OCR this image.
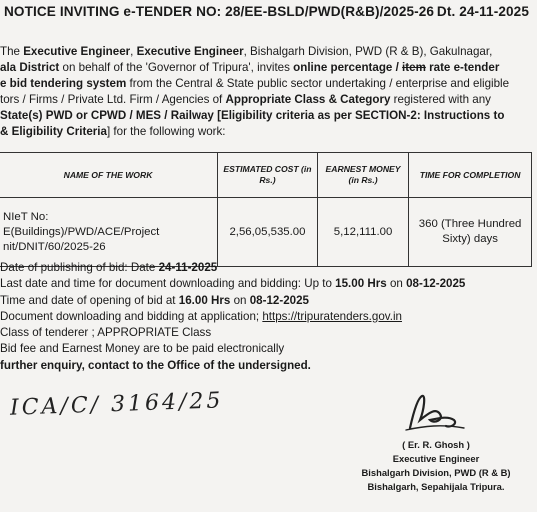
NOTICE INVITING e-TENDER NO: 28/EE-BSLD/PWD(R&B)/2025-26 Dt. 24-11-2025
The Executive Engineer, Executive Engineer, Bishalgarh Division, PWD (R & B), Gakulnagar,
ala District on behalf of the 'Governor of Tripura', invites online percentage / item rate e-tender
e bid tendering system from the Central & State public sector undertaking / enterprise and eligible
tors / Firms / Private Ltd. Firm / Agencies of Appropriate Class & Category registered with any
State(s) PWD or CPWD / MES / Railway [Eligibility criteria as per SECTION-2: Instructions to
& Eligibility Criteria] for the following work:
NAME OF THE WORK	ESTIMATED COST (in Rs.)	EARNEST MONEY (in Rs.)	TIME FOR COMPLETION
NIeT No:
E(Buildings)/PWD/ACE/Project
nit/DNIT/60/2025-26	2,56,05,535.00	5,12,111.00	360 (Three Hundred
Sixty) days
Date of publishing of bid: Date 24-11-2025
Last date and time for document downloading and bidding: Up to 15.00 Hrs on 08-12-2025
Time and date of opening of bid at 16.00 Hrs on 08-12-2025
Document downloading and bidding at application; https://tripuratenders.gov.in
Class of tenderer ; APPROPRIATE Class
Bid fee and Earnest Money are to be paid electronically
further enquiry, contact to the Office of the undersigned.
ICA/C/ 3164/25
( Er. R. Ghosh )
Executive Engineer
Bishalgarh Division, PWD (R & B)
Bishalgarh, Sepahijala Tripura.
